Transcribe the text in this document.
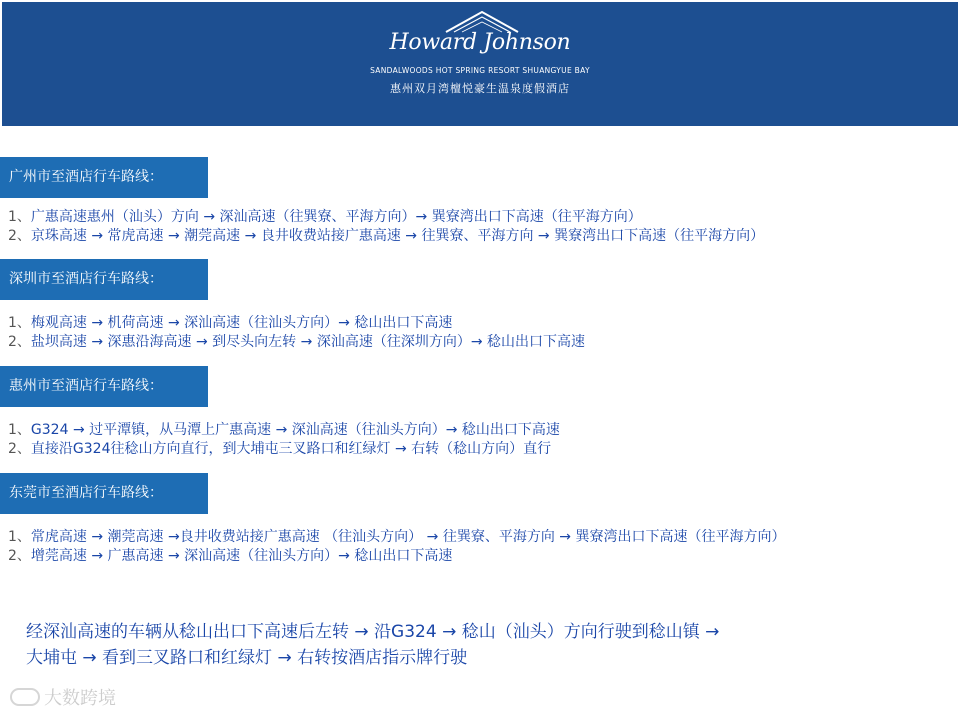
Howard Johnson
SANDALWOODS HOT SPRING RESORT SHUANGYUE BAY
惠州双月湾檀悦豪生温泉度假酒店
广州市至酒店行车路线：
1、广惠高速惠州（汕头）方向 → 深汕高速（往巽寮、平海方向）→ 巽寮湾出口下高速（往平海方向）
2、京珠高速 → 常虎高速 → 潮莞高速 → 良井收费站接广惠高速 → 往巽寮、平海方向 → 巽寮湾出口下高速（往平海方向）
深圳市至酒店行车路线：
1、梅观高速 → 机荷高速 → 深汕高速（往汕头方向）→ 稔山出口下高速
2、盐坝高速 → 深惠沿海高速 → 到尽头向左转 → 深汕高速（往深圳方向）→ 稔山出口下高速
惠州市至酒店行车路线：
1、G324 → 过平潭镇，从马潭上广惠高速 → 深汕高速（往汕头方向）→ 稔山出口下高速
2、直接沿G324往稔山方向直行，到大埔屯三叉路口和红绿灯 → 右转（稔山方向）直行
东莞市至酒店行车路线：
1、常虎高速 → 潮莞高速 →良井收费站接广惠高速 （往汕头方向） → 往巽寮、平海方向 → 巽寮湾出口下高速（往平海方向）
2、增莞高速 → 广惠高速 → 深汕高速（往汕头方向）→ 稔山出口下高速
经深汕高速的车辆从稔山出口下高速后左转 → 沿G324 → 稔山（汕头）方向行驶到稔山镇 →
大埔屯 → 看到三叉路口和红绿灯 → 右转按酒店指示牌行驶
大数跨境
